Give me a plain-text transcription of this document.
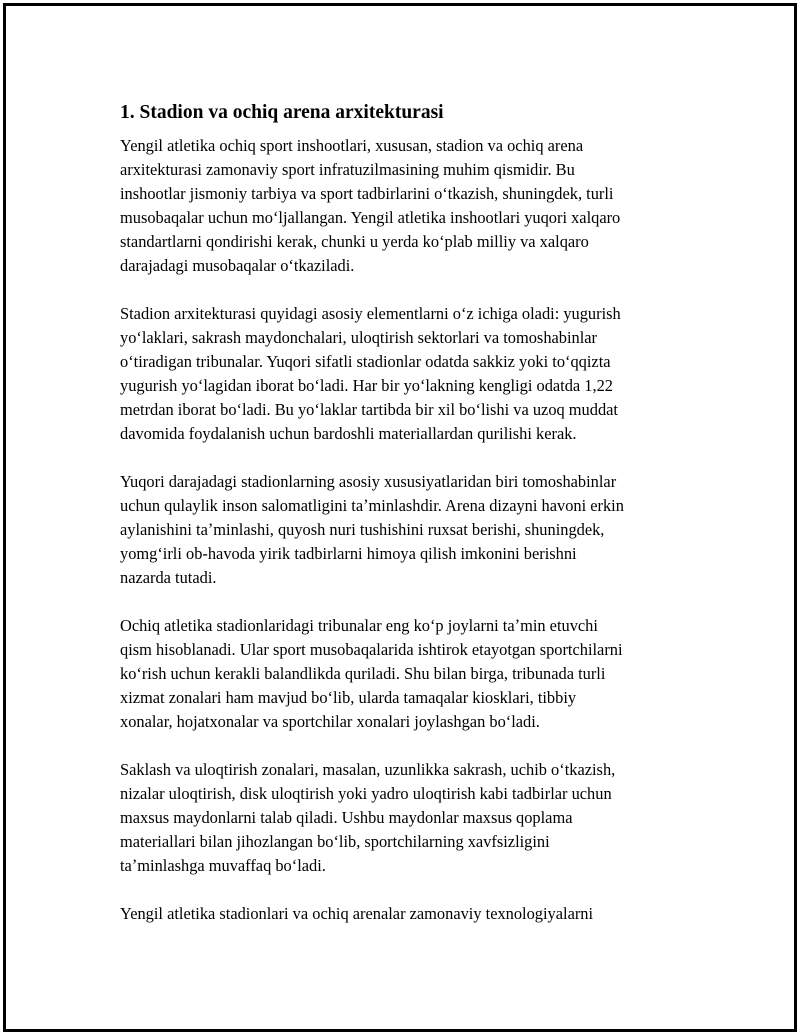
1. Stadion va ochiq arena arxitekturasi

Yengil atletika ochiq sport inshootlari, xususan, stadion va ochiq arena
arxitekturasi zamonaviy sport infratuzilmasining muhim qismidir. Bu
inshootlar jismoniy tarbiya va sport tadbirlarini oʻtkazish, shuningdek, turli
musobaqalar uchun moʻljallangan. Yengil atletika inshootlari yuqori xalqaro
standartlarni qondirishi kerak, chunki u yerda koʻplab milliy va xalqaro
darajadagi musobaqalar oʻtkaziladi.

Stadion arxitekturasi quyidagi asosiy elementlarni oʻz ichiga oladi: yugurish
yoʻlaklari, sakrash maydonchalari, uloqtirish sektorlari va tomoshabinlar
oʻtiradigan tribunalar. Yuqori sifatli stadionlar odatda sakkiz yoki toʻqqizta
yugurish yoʻlagidan iborat boʻladi. Har bir yoʻlakning kengligi odatda 1,22
metrdan iborat boʻladi. Bu yoʻlaklar tartibda bir xil boʻlishi va uzoq muddat
davomida foydalanish uchun bardoshli materiallardan qurilishi kerak.

Yuqori darajadagi stadionlarning asosiy xususiyatlaridan biri tomoshabinlar
uchun qulaylik inson salomatligini taʼminlashdir. Arena dizayni havoni erkin
aylanishini taʼminlashi, quyosh nuri tushishini ruxsat berishi, shuningdek,
yomgʻirli ob-havoda yirik tadbirlarni himoya qilish imkonini berishni
nazarda tutadi.

Ochiq atletika stadionlaridagi tribunalar eng koʻp joylarni taʼmin etuvchi
qism hisoblanadi. Ular sport musobaqalarida ishtirok etayotgan sportchilarni
koʻrish uchun kerakli balandlikda quriladi. Shu bilan birga, tribunada turli
xizmat zonalari ham mavjud boʻlib, ularda tamaqalar kiosklari, tibbiy
xonalar, hojatxonalar va sportchilar xonalari joylashgan boʻladi.

Saklash va uloqtirish zonalari, masalan, uzunlikka sakrash, uchib oʻtkazish,
nizalar uloqtirish, disk uloqtirish yoki yadro uloqtirish kabi tadbirlar uchun
maxsus maydonlarni talab qiladi. Ushbu maydonlar maxsus qoplama
materiallari bilan jihozlangan boʻlib, sportchilarning xavfsizligini
taʼminlashga muvaffaq boʻladi.

Yengil atletika stadionlari va ochiq arenalar zamonaviy texnologiyalarni
